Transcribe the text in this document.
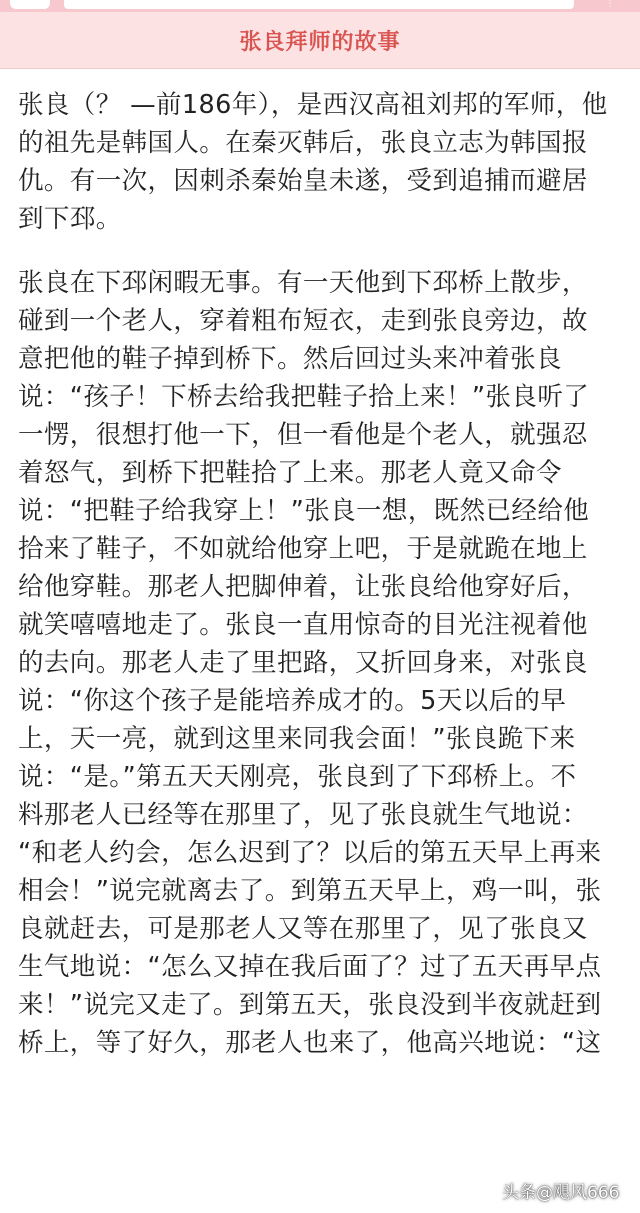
⋮
张良拜师的故事
张良（？ —前186年），是西汉高祖刘邦的军师，他
的祖先是韩国人。在秦灭韩后，张良立志为韩国报
仇。有一次，因刺杀秦始皇未遂，受到追捕而避居
到下邳。
张良在下邳闲暇无事。有一天他到下邳桥上散步，
碰到一个老人，穿着粗布短衣，走到张良旁边，故
意把他的鞋子掉到桥下。然后回过头来冲着张良
说：“孩子！下桥去给我把鞋子拾上来！”张良听了
一愣，很想打他一下，但一看他是个老人，就强忍
着怒气，到桥下把鞋拾了上来。那老人竟又命令
说：“把鞋子给我穿上！”张良一想，既然已经给他
拾来了鞋子，不如就给他穿上吧，于是就跪在地上
给他穿鞋。那老人把脚伸着，让张良给他穿好后，
就笑嘻嘻地走了。张良一直用惊奇的目光注视着他
的去向。那老人走了里把路，又折回身来，对张良
说：“你这个孩子是能培养成才的。5天以后的早
上，天一亮，就到这里来同我会面！”张良跪下来
说：“是。”第五天天刚亮，张良到了下邳桥上。不
料那老人已经等在那里了，见了张良就生气地说：
“和老人约会，怎么迟到了？以后的第五天早上再来
相会！”说完就离去了。到第五天早上，鸡一叫，张
良就赶去，可是那老人又等在那里了，见了张良又
生气地说：“怎么又掉在我后面了？过了五天再早点
来！”说完又走了。到第五天，张良没到半夜就赶到
桥上，等了好久，那老人也来了，他高兴地说：“这
头条@飓风666
